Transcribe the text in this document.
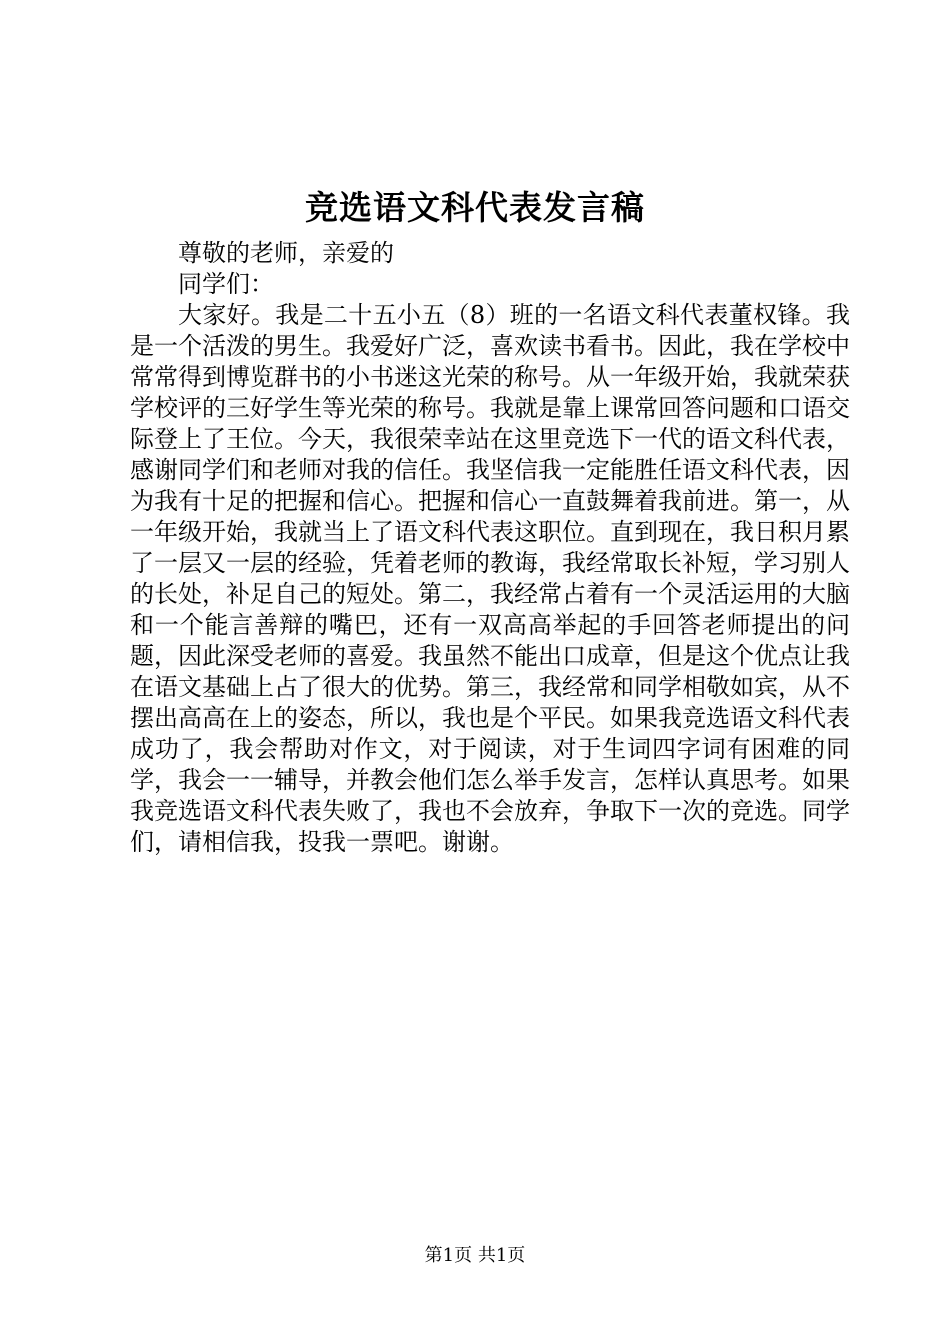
竞选语文科代表发言稿

尊敬的老师，亲爱的

同学们：

大家好。我是二十五小五（8）班的一名语文科代表董权锋。我是一个活泼的男生。我爱好广泛，喜欢读书看书。因此，我在学校中常常得到博览群书的小书迷这光荣的称号。从一年级开始，我就荣获学校评的三好学生等光荣的称号。我就是靠上课常回答问题和口语交际登上了王位。今天，我很荣幸站在这里竞选下一代的语文科代表，感谢同学们和老师对我的信任。我坚信我一定能胜任语文科代表，因为我有十足的把握和信心。把握和信心一直鼓舞着我前进。第一，从一年级开始，我就当上了语文科代表这职位。直到现在，我日积月累了一层又一层的经验，凭着老师的教诲，我经常取长补短，学习别人的长处，补足自己的短处。第二，我经常占着有一个灵活运用的大脑和一个能言善辩的嘴巴，还有一双高高举起的手回答老师提出的问题，因此深受老师的喜爱。我虽然不能出口成章，但是这个优点让我在语文基础上占了很大的优势。第三，我经常和同学相敬如宾，从不摆出高高在上的姿态，所以，我也是个平民。如果我竞选语文科代表成功了，我会帮助对作文，对于阅读，对于生词四字词有困难的同学，我会一一辅导，并教会他们怎么举手发言，怎样认真思考。如果我竞选语文科代表失败了，我也不会放弃，争取下一次的竞选。同学们，请相信我，投我一票吧。谢谢。

第1页 共1页
